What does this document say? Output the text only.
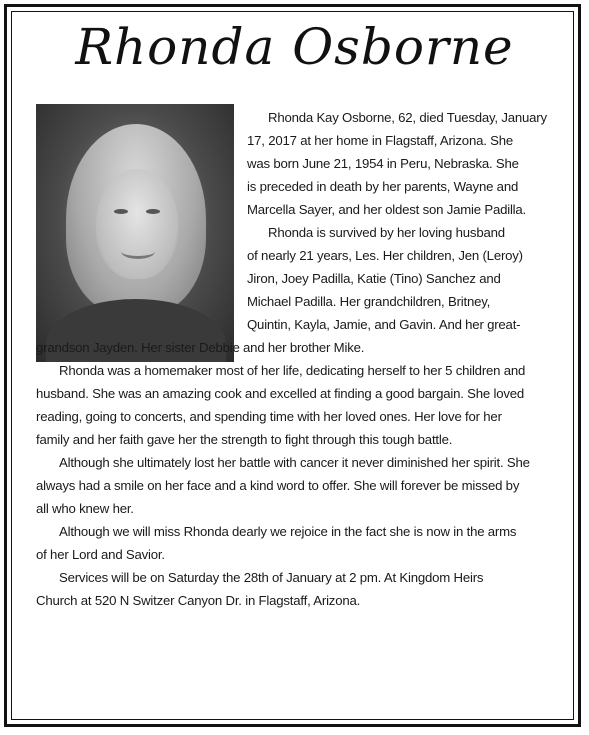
Rhonda Osborne
Rhonda Kay Osborne, 62, died Tuesday, January
17, 2017 at her home in Flagstaff, Arizona. She
was born June 21, 1954 in Peru, Nebraska. She
is preceded in death by her parents, Wayne and
Marcella Sayer, and her oldest son Jamie Padilla.
Rhonda is survived by her loving husband
of nearly 21 years, Les. Her children, Jen (Leroy)
Jiron, Joey Padilla, Katie (Tino) Sanchez and
Michael Padilla. Her grandchildren, Britney,
Quintin, Kayla, Jamie, and Gavin. And her great-
grandson Jayden. Her sister Debbie and her brother Mike.
Rhonda was a homemaker most of her life, dedicating herself to her 5 children and
husband. She was an amazing cook and excelled at finding a good bargain. She loved
reading, going to concerts, and spending time with her loved ones. Her love for her
family and her faith gave her the strength to fight through this tough battle.
Although she ultimately lost her battle with cancer it never diminished her spirit. She
always had a smile on her face and a kind word to offer. She will forever be missed by
all who knew her.
Although we will miss Rhonda dearly we rejoice in the fact she is now in the arms
of her Lord and Savior.
Services will be on Saturday the 28th of January at 2 pm. At Kingdom Heirs
Church at 520 N Switzer Canyon Dr. in Flagstaff, Arizona.
